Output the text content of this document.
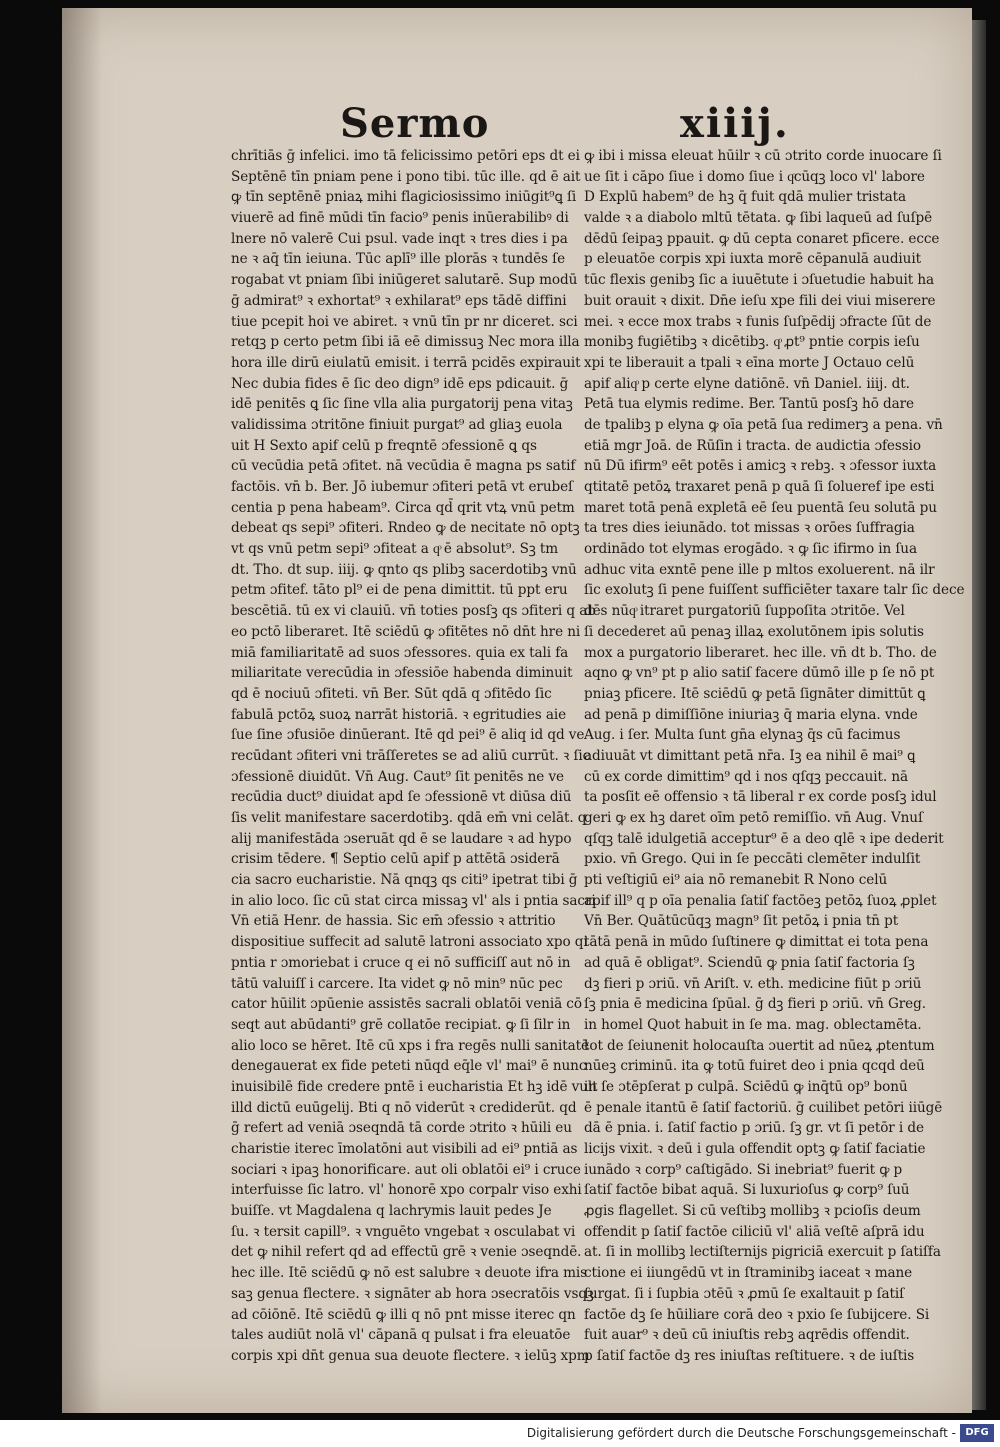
Sermo	xiiij.
chrītiās ḡ infelici. imo tā felicissimo petōri eps dt ei
Septēnē tīn pniam pene i pono tibi. tūc ille. qd ē ait
ꝙ tīn septēnē pniaꝝ mihi flagiciosissimo iniūgit⁹ꝗ ſi
viuerē ad finē mūdi tīn facio⁹ penis inūerabilibꝰ di
lnere nō valerē Cui psul. vade inqt ꝛ tres dies i pa
ne ꝛ aq̄ tīn ieiuna. Tūc aplī⁹ ille plorās ꝛ tundēs ſe
rogabat vt pniam ſibi iniūgeret salutarē. Sup modū
ḡ admirat⁹ ꝛ exhortat⁹ ꝛ exhilarat⁹ eps tādē diffini
tiue pcepit hoi ve abiret. ꝛ vnū tīn pr nr diceret. sci
retqꝫ p certo petm ſibi iā eē dimissuꝫ Nec mora illa
hora ille dirū eiulatū emisit. i terrā pcidēs expirauit
Nec dubia fides ē ſic deo dign⁹ idē eps pdicauit. ḡ
idē penitēs ꝗ ſic ſine vlla alia purgatorij pena vitaꝫ
validissima ɔtritōne finiuit purgat⁹ ad gliaꝫ euola
uit H Sexto apif celū p freqntē ɔfessionē ꝗ qs
cū vecūdia petā ɔfitet. nā vecūdia ē magna ps satif
factōis. vn̄ b. Ber. Jō iubemur ɔfiteri petā vt erubeſ
centia p pena habeam⁹. Circa qd̄ qrit vtꝝ vnū petm
debeat qs sepi⁹ ɔfiteri. Rndeo ꝙ de necitate nō optꝫ
vt qs vnū petm sepi⁹ ɔfiteat a qͦ ē absolut⁹. Sꝫ tm
dt. Tho. dt sup. iiij. ꝙ qnto qs plibꝫ sacerdotibꝫ vnū
petm ɔfitef. tāto pl⁹ ei de pena dimittit. tū ppt eru
bescētiā. tū ex vi clauiū. vn̄ toties posſꝫ qs ɔfiteri q ab
eo pctō liberaret. Itē sciēdū ꝙ ɔfitētes nō dn̄t hre ni
miā familiaritatē ad suos ɔfessores. quia ex tali fa
miliaritate verecūdia in ɔfessiōe habenda diminuit
qd ē nociuū ɔfiteti. vn̄ Ber. Sūt qdā q ɔfitēdo ſic
fabulā pctōꝝ suoꝝ narrāt historiā. ꝛ egritudies aie
ſue ſine ɔfusiōe dinūerant. Itē qd pei⁹ ē aliq id qd ve
recūdant ɔfiteri vni trāſſeretes se ad aliū currūt. ꝛ ſic
ɔfessionē diuidūt. Vn̄ Aug. Caut⁹ ſit penitēs ne ve
recūdia duct⁹ diuidat apd ſe ɔfessionē vt diūsa diū
ſis velit manifestare sacerdotibꝫ. qdā em̄ vni celāt. q
alij manifestāda ɔseruāt qd ē se laudare ꝛ ad hypo
crisim tēdere. ¶ Septio celū apif p attētā ɔsiderā
cia sacro eucharistie. Nā qnqꝫ qs citi⁹ ipetrat tibi ḡ
in alio loco. ſic cū stat circa missaꝫ vl' als i pntia sacri
Vn̄ etiā Henr. de hassia. Sic em̄ ɔfessio ꝛ attritio
dispositiue suffecit ad salutē latroni associato xpo qi
pntia r ɔmoriebat i cruce q ei nō sufficiſſ aut nō in
tātū valuiſſ i carcere. Ita videt ꝙ nō min⁹ nūc pec
cator hūilit ɔpūenie assistēs sacrali oblatōi veniā cō
seqt aut abūdanti⁹ grē collatōe recipiat. ꝙ ſi ſilr in
alio loco se hēret. Itē cū xps i fra regēs nulli sanitatē
denegauerat ex fide peteti nūqd eq̄le vl' mai⁹ ē nunc
inuisibilē fide credere pntē i eucharistia Et hꝫ idē vult
illd dictū euūgelij. Bti q nō viderūt ꝛ crediderūt. qd
ḡ refert ad veniā ɔseqndā tā corde ɔtrito ꝛ hūili eu
charistie iterec īmolatōni aut visibili ad ei⁹ pntiā as
sociari ꝛ ipaꝫ honorificare. aut oli oblatōi ei⁹ i cruce
interfuisse ſic latro. vl' honorē xpo corpalr viso exhi
buiſſe. vt Magdalena q lachrymis lauit pedes Je
ſu. ꝛ tersit capill⁹. ꝛ vnguēto vngebat ꝛ osculabat vi
det ꝙ nihil refert qd ad effectū grē ꝛ venie ɔseqndē.
hec ille. Itē sciēdū ꝙ nō est salubre ꝛ deuote ifra mis
saꝫ genua flectere. ꝛ signāter ab hora ɔsecratōis vsqꝫ
ad cōiōnē. Itē sciēdū ꝙ illi q nō pnt misse iterec qn
tales audiūt nolā vl' cāpanā q pulsat i fra eleuatōe
corpis xpi dn̄t genua sua deuote flectere. ꝛ ielūꝫ xpm
ꝙ ibi i missa eleuat hūilr ꝛ cū ɔtrito corde inuocare ſi
ue ſit i cāpo ſiue i domo ſiue i qͦcūqꝫ loco vl' labore
D Explū habem⁹ de hꝫ q̄ fuit qdā mulier tristata
valde ꝛ a diabolo mltū tētata. ꝙ ſibi laqueū ad ſuſpē
dēdū ſeipaꝫ ppauit. ꝙ dū cepta conaret pficere. ecce
p eleuatōe corpis xpi iuxta morē cēpanulā audiuit
tūc flexis genibꝫ ſic a iuuētute i ɔſuetudie habuit ha
buit orauit ꝛ dixit. Dn̄e ieſu xpe fili dei viui miserere
mei. ꝛ ecce mox trabs ꝛ funis ſuſpēdij ɔfracte ſūt de
monibꝫ fugiētibꝫ ꝛ dicētibꝫ. qͦ ꝓt⁹ pntie corpis ieſu
xpi te liberauit a tpali ꝛ eīna morte J Octauo celū
apif aliqͦ p certe elyne datiōnē. vn̄ Daniel. iiij. dt.
Petā tua elymis redime. Ber. Tantū posſꝫ hō dare
de tpalibꝫ p elyna ꝙ oīa petā ſua redimerꝫ a pena. vn̄
etiā mgr Joā. de Rūſin i tracta. de audictia ɔfessio
nū Dū ifirm⁹ eēt potēs i amicꝫ ꝛ rebꝫ. ꝛ ɔfessor iuxta
qtitatē petōꝝ traxaret penā p quā ſi ſolueref ipe esti
maret totā penā expletā eē ſeu puentā ſeu solutā pu
ta tres dies ieiunādo. tot missas ꝛ orōes ſuffragia
ordinādo tot elymas erogādo. ꝛ ꝙ ſic ifirmo in ſua
adhuc vita exntē pene ille p mltos exoluerent. nā ilr
ſic exolutꝫ ſi pene fuiſſent sufficiēter taxare talr ſic dece
dēs nūqͦ itraret purgatoriū ſuppoſita ɔtritōe. Vel
ſi decederet aū penaꝫ illaꝝ exolutōnem ipis solutis
mox a purgatorio liberaret. hec ille. vn̄ dt b. Tho. de
aqno ꝙ vn⁹ pt p alio satiſ facere dūmō ille p ſe nō pt
pniaꝫ pficere. Itē sciēdū ꝙ petā ſignāter dimittūt ꝗ
ad penā p dimiſſiōne iniuriaꝫ q̄ maria elyna. vnde
Aug. i ſer. Multa ſunt gn̄a elynaꝫ q̄s cū facimus
adiuuāt vt dimittant petā nr̄a. Iꝫ ea nihil ē mai⁹ ꝗ
cū ex corde dimittim⁹ qd i nos qſqꝫ peccauit. nā
ta posſit eē offensio ꝛ tā liberal r ex corde posſꝫ idul
geri ꝙ ex hꝫ daret oīm petō remiſſio. vn̄ Aug. Vnuſ
qſqꝫ talē idulgetiā acceptur⁹ ē a deo qlē ꝛ ipe dederit
pxio. vn̄ Grego. Qui in ſe peccāti clemēter indulſit
pti veſtigiū ei⁹ aia nō remanebit R Nono celū
apif ill⁹ q p oīa penalia ſatiſ factōeꝫ petōꝝ ſuoꝝ ꝓplet
Vn̄ Ber. Quātūcūqꝫ magn⁹ ſit petōꝝ i pnia tn̄ pt
tātā penā in mūdo ſuſtinere ꝙ dimittat ei tota pena
ad quā ē obligat⁹. Sciendū ꝙ pnia ſatiſ factoria ſꝫ
dꝫ fieri p ɔriū. vn̄ Ariſt. v. eth. medicine fiūt p ɔriū
ſꝫ pnia ē medicina ſpūal. ḡ dꝫ fieri p ɔriū. vn̄ Greg.
in homel Quot habuit in ſe ma. mag. oblectamēta.
tot de ſeiunenit holocauſta ɔuertit ad nūeꝝ ꝓtentum
nūeꝫ criminū. ita ꝙ totū fuiret deo i pnia qcqd deū
in ſe ɔtēpſerat p culpā. Sciēdū ꝙ inq̄tū op⁹ bonū
ē penale itantū ē ſatiſ factoriū. ḡ cuilibet petōri iiūgē
dā ē pnia. i. ſatiſ factio p ɔriū. ſꝫ gr. vt ſi petōr i de
licijs vixit. ꝛ deū i gula offendit optꝫ ꝙ ſatiſ faciatie
iunādo ꝛ corp⁹ caſtigādo. Si inebriat⁹ fuerit ꝙ p
ſatiſ factōe bibat aquā. Si luxurioſus ꝙ corp⁹ ſuū
ꝓgis flagellet. Si cū veſtibꝫ mollibꝫ ꝛ pcioſis deum
offendit p ſatiſ factōe ciliciū vl' aliā veſtē aſprā idu
at. ſi in mollibꝫ lectiſternijs pigriciā exercuit p ſatiſfa
ctione ei iiungēdū vt in ſtraminibꝫ iaceat ꝛ mane
ſurgat. ſi i ſupbia ɔtēū ꝛ ꝓmū ſe exaltauit p ſatiſ
factōe dꝫ ſe hūiliare corā deo ꝛ pxio ſe ſubijcere. Si
fuit auar⁹ ꝛ deū cū iniuſtis rebꝫ aqrēdis offendit.
p ſatiſ factōe dꝫ res iniuſtas reſtituere. ꝛ de iuſtis
Digitalisierung gefördert durch die Deutsche Forschungsgemeinschaft - DFG
